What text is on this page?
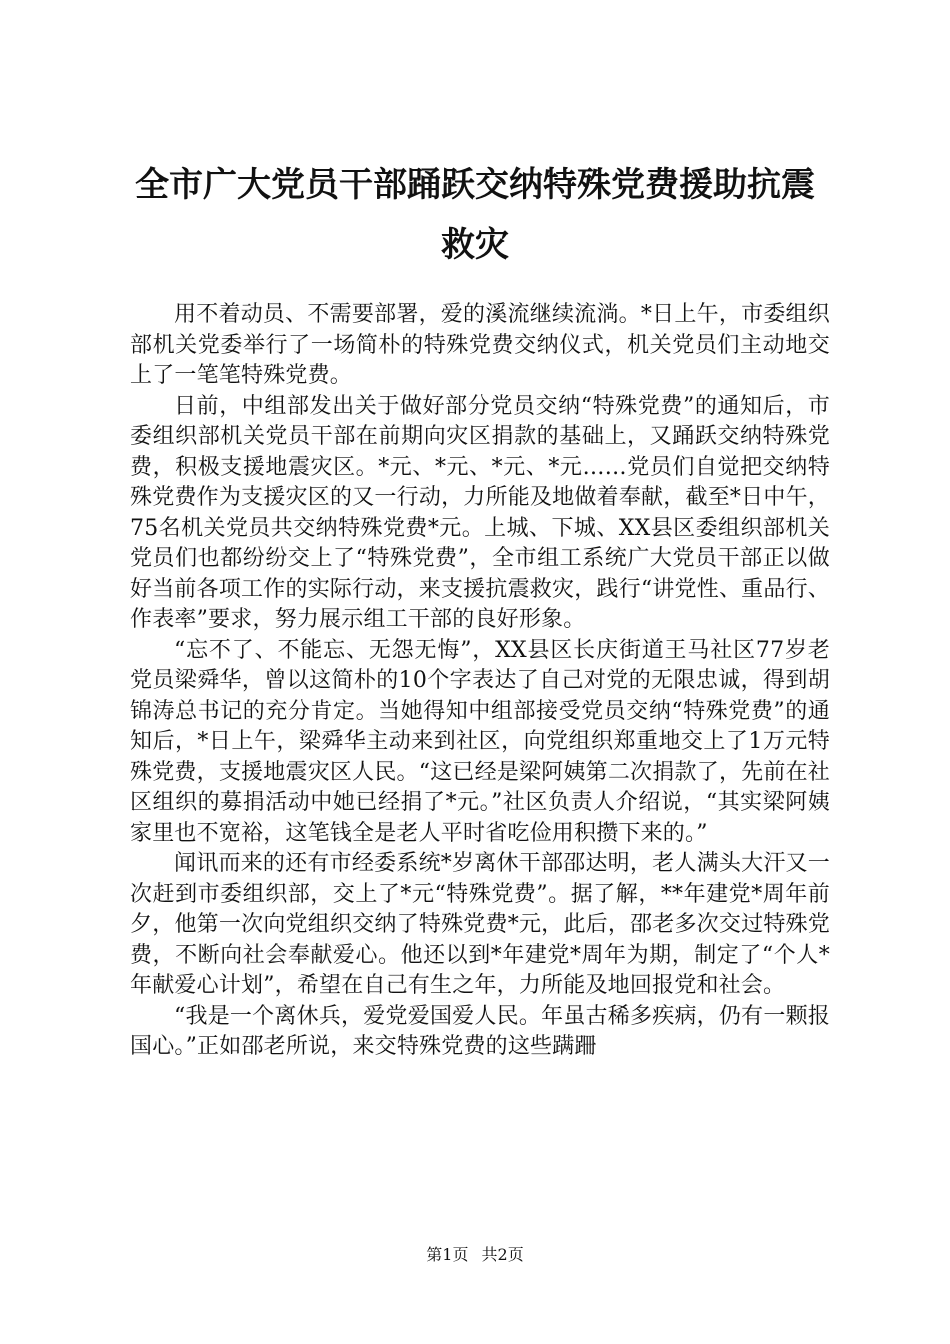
全市广大党员干部踊跃交纳特殊党费援助抗震
救灾

用不着动员、不需要部署，爱的溪流继续流淌。*日上午，市委组织部机关党委举行了一场简朴的特殊党费交纳仪式，机关党员们主动地交上了一笔笔特殊党费。

日前，中组部发出关于做好部分党员交纳“特殊党费”的通知后，市委组织部机关党员干部在前期向灾区捐款的基础上，又踊跃交纳特殊党费，积极支援地震灾区。*元、*元、*元、*元……党员们自觉把交纳特殊党费作为支援灾区的又一行动，力所能及地做着奉献，截至*日中午，75名机关党员共交纳特殊党费*元。上城、下城、XX县区委组织部机关党员们也都纷纷交上了“特殊党费”，全市组工系统广大党员干部正以做好当前各项工作的实际行动，来支援抗震救灾，践行“讲党性、重品行、作表率”要求，努力展示组工干部的良好形象。

“忘不了、不能忘、无怨无悔”，XX县区长庆街道王马社区77岁老党员梁舜华，曾以这简朴的10个字表达了自己对党的无限忠诚，得到胡锦涛总书记的充分肯定。当她得知中组部接受党员交纳“特殊党费”的通知后，*日上午，梁舜华主动来到社区，向党组织郑重地交上了1万元特殊党费，支援地震灾区人民。“这已经是梁阿姨第二次捐款了，先前在社区组织的募捐活动中她已经捐了*元。”社区负责人介绍说，“其实梁阿姨家里也不宽裕，这笔钱全是老人平时省吃俭用积攒下来的。”

闻讯而来的还有市经委系统*岁离休干部邵达明，老人满头大汗又一次赶到市委组织部，交上了*元“特殊党费”。据了解，**年建党*周年前夕，他第一次向党组织交纳了特殊党费*元，此后，邵老多次交过特殊党费，不断向社会奉献爱心。他还以到*年建党*周年为期，制定了“个人*年献爱心计划”，希望在自己有生之年，力所能及地回报党和社会。

“我是一个离休兵，爱党爱国爱人民。年虽古稀多疾病，仍有一颗报国心。”正如邵老所说，来交特殊党费的这些蹒跚

第1页 共2页
